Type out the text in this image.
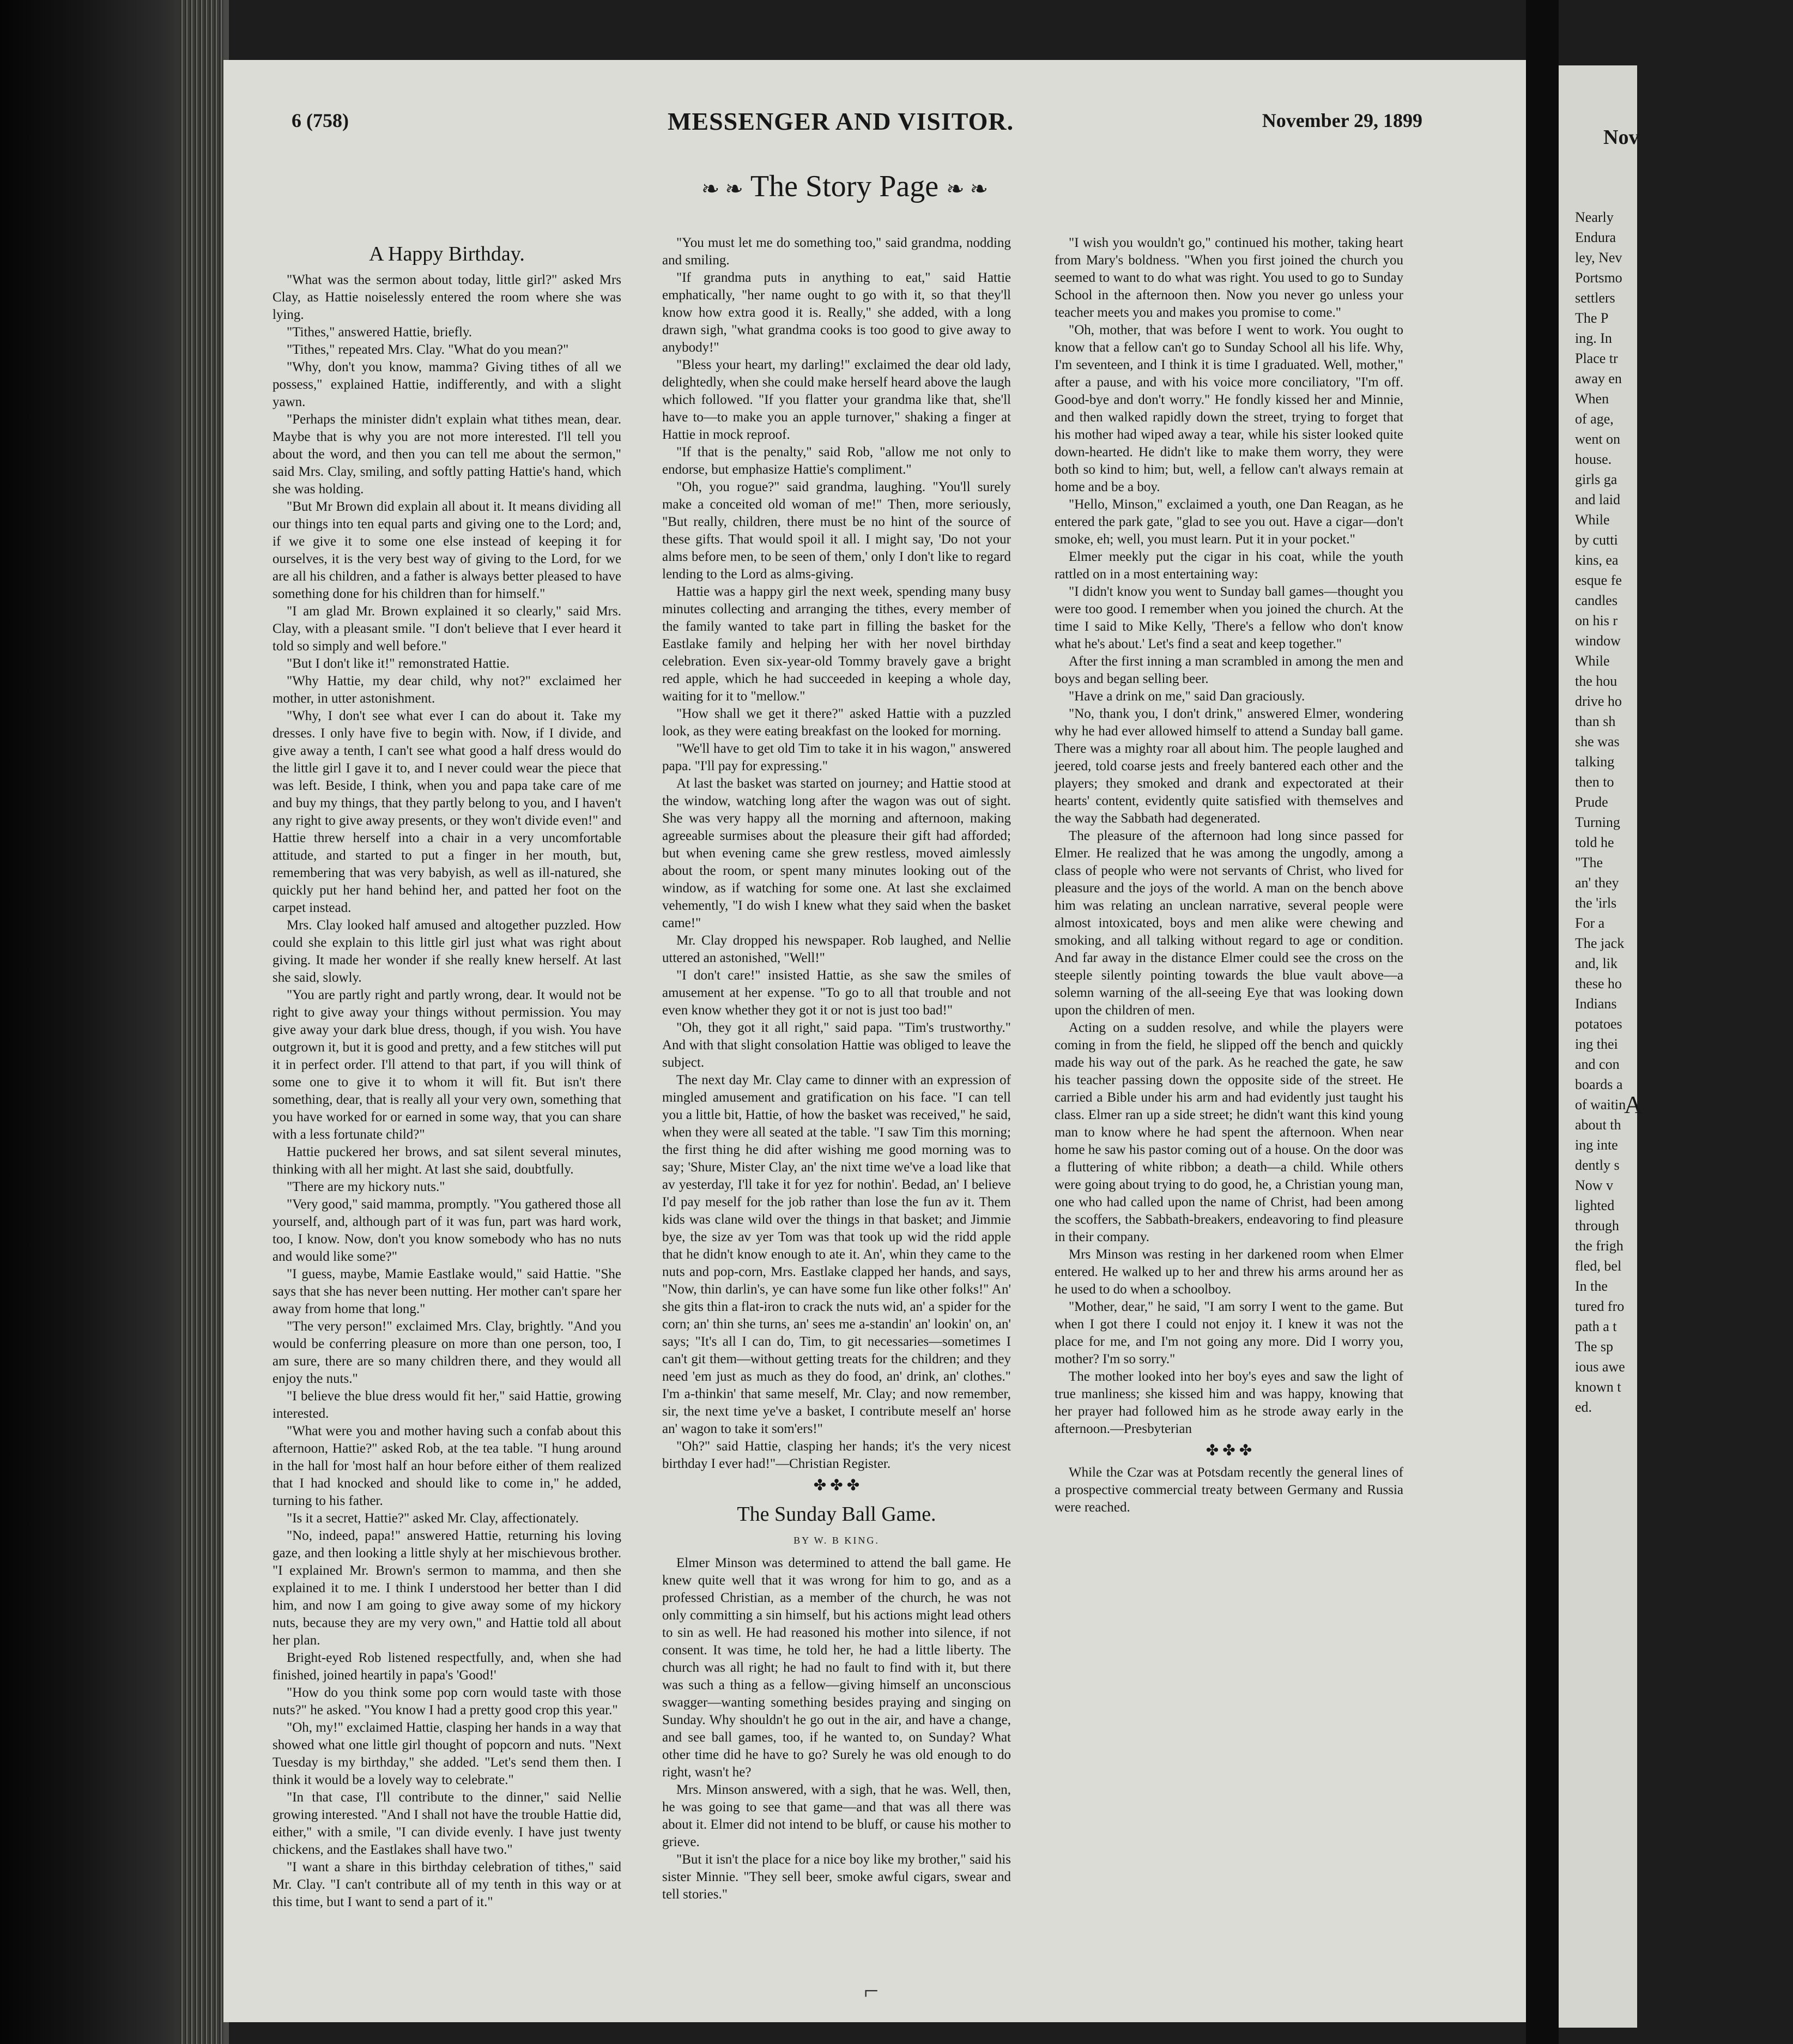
Nov
Nearly
Endura
ley, Nev
Portsmo
settlers
The P
ing. In
Place tr
away en
When
of age,
went on
house.
girls ga
and laid
While
by cutti
kins, ea
esque fe
candles
on his r
window
While
the hou
drive ho
than sh
she was
talking
then to
Prude
Turning
told he
"The
an' they
the 'irls
For a
The jack
and, lik
these ho
Indians
potatoes
ing thei
and con
boards a
of waitin
about th
ing inte
dently s
Now v
lighted
through
the frigh
fled, bel
In the
tured fro
path a t
The sp
ious awe
known t
ed.
A
6 (758)	MESSENGER AND VISITOR.	November 29, 1899
❧ ❧ The Story Page ❧ ❧
A Happy Birthday.

"What was the sermon about today, little girl?" asked Mrs Clay, as Hattie noiselessly entered the room where she was lying.

"Tithes," answered Hattie, briefly.

"Tithes," repeated Mrs. Clay. "What do you mean?"

"Why, don't you know, mamma? Giving tithes of all we possess," explained Hattie, indifferently, and with a slight yawn.

"Perhaps the minister didn't explain what tithes mean, dear. Maybe that is why you are not more interested. I'll tell you about the word, and then you can tell me about the sermon," said Mrs. Clay, smiling, and softly patting Hattie's hand, which she was holding.

"But Mr Brown did explain all about it. It means dividing all our things into ten equal parts and giving one to the Lord; and, if we give it to some one else instead of keeping it for ourselves, it is the very best way of giving to the Lord, for we are all his children, and a father is always better pleased to have something done for his children than for himself."

"I am glad Mr. Brown explained it so clearly," said Mrs. Clay, with a pleasant smile. "I don't believe that I ever heard it told so simply and well before."

"But I don't like it!" remonstrated Hattie.

"Why Hattie, my dear child, why not?" exclaimed her mother, in utter astonishment.

"Why, I don't see what ever I can do about it. Take my dresses. I only have five to begin with. Now, if I divide, and give away a tenth, I can't see what good a half dress would do the little girl I gave it to, and I never could wear the piece that was left. Beside, I think, when you and papa take care of me and buy my things, that they partly belong to you, and I haven't any right to give away presents, or they won't divide even!" and Hattie threw herself into a chair in a very uncomfortable attitude, and started to put a finger in her mouth, but, remembering that was very babyish, as well as ill-natured, she quickly put her hand behind her, and patted her foot on the carpet instead.

Mrs. Clay looked half amused and altogether puzzled. How could she explain to this little girl just what was right about giving. It made her wonder if she really knew herself. At last she said, slowly.

"You are partly right and partly wrong, dear. It would not be right to give away your things without permission. You may give away your dark blue dress, though, if you wish. You have outgrown it, but it is good and pretty, and a few stitches will put it in perfect order. I'll attend to that part, if you will think of some one to give it to whom it will fit. But isn't there something, dear, that is really all your very own, something that you have worked for or earned in some way, that you can share with a less fortunate child?"

Hattie puckered her brows, and sat silent several minutes, thinking with all her might. At last she said, doubtfully.

"There are my hickory nuts."

"Very good," said mamma, promptly. "You gathered those all yourself, and, although part of it was fun, part was hard work, too, I know. Now, don't you know somebody who has no nuts and would like some?"

"I guess, maybe, Mamie Eastlake would," said Hattie. "She says that she has never been nutting. Her mother can't spare her away from home that long."

"The very person!" exclaimed Mrs. Clay, brightly. "And you would be conferring pleasure on more than one person, too, I am sure, there are so many children there, and they would all enjoy the nuts."

"I believe the blue dress would fit her," said Hattie, growing interested.

"What were you and mother having such a confab about this afternoon, Hattie?" asked Rob, at the tea table. "I hung around in the hall for 'most half an hour before either of them realized that I had knocked and should like to come in," he added, turning to his father.

"Is it a secret, Hattie?" asked Mr. Clay, affectionately.

"No, indeed, papa!" answered Hattie, returning his loving gaze, and then looking a little shyly at her mischievous brother. "I explained Mr. Brown's sermon to mamma, and then she explained it to me. I think I understood her better than I did him, and now I am going to give away some of my hickory nuts, because they are my very own," and Hattie told all about her plan.

Bright-eyed Rob listened respectfully, and, when she had finished, joined heartily in papa's 'Good!'

"How do you think some pop corn would taste with those nuts?" he asked. "You know I had a pretty good crop this year."

"Oh, my!" exclaimed Hattie, clasping her hands in a way that showed what one little girl thought of popcorn and nuts. "Next Tuesday is my birthday," she added. "Let's send them then. I think it would be a lovely way to celebrate."

"In that case, I'll contribute to the dinner," said Nellie growing interested. "And I shall not have the trouble Hattie did, either," with a smile, "I can divide evenly. I have just twenty chickens, and the Eastlakes shall have two."

"I want a share in this birthday celebration of tithes," said Mr. Clay. "I can't contribute all of my tenth in this way or at this time, but I want to send a part of it."

"You must let me do something too," said grandma, nodding and smiling.

"If grandma puts in anything to eat," said Hattie emphatically, "her name ought to go with it, so that they'll know how extra good it is. Really," she added, with a long drawn sigh, "what grandma cooks is too good to give away to anybody!"

"Bless your heart, my darling!" exclaimed the dear old lady, delightedly, when she could make herself heard above the laugh which followed. "If you flatter your grandma like that, she'll have to—to make you an apple turnover," shaking a finger at Hattie in mock reproof.

"If that is the penalty," said Rob, "allow me not only to endorse, but emphasize Hattie's compliment."

"Oh, you rogue?" said grandma, laughing. "You'll surely make a conceited old woman of me!" Then, more seriously, "But really, children, there must be no hint of the source of these gifts. That would spoil it all. I might say, 'Do not your alms before men, to be seen of them,' only I don't like to regard lending to the Lord as alms-giving.

Hattie was a happy girl the next week, spending many busy minutes collecting and arranging the tithes, every member of the family wanted to take part in filling the basket for the Eastlake family and helping her with her novel birthday celebration. Even six-year-old Tommy bravely gave a bright red apple, which he had succeeded in keeping a whole day, waiting for it to "mellow."

"How shall we get it there?" asked Hattie with a puzzled look, as they were eating breakfast on the looked for morning.

"We'll have to get old Tim to take it in his wagon," answered papa. "I'll pay for expressing."

At last the basket was started on journey; and Hattie stood at the window, watching long after the wagon was out of sight. She was very happy all the morning and afternoon, making agreeable surmises about the pleasure their gift had afforded; but when evening came she grew restless, moved aimlessly about the room, or spent many minutes looking out of the window, as if watching for some one. At last she exclaimed vehemently, "I do wish I knew what they said when the basket came!"

Mr. Clay dropped his newspaper. Rob laughed, and Nellie uttered an astonished, "Well!"

"I don't care!" insisted Hattie, as she saw the smiles of amusement at her expense. "To go to all that trouble and not even know whether they got it or not is just too bad!"

"Oh, they got it all right," said papa. "Tim's trustworthy." And with that slight consolation Hattie was obliged to leave the subject.

The next day Mr. Clay came to dinner with an expression of mingled amusement and gratification on his face. "I can tell you a little bit, Hattie, of how the basket was received," he said, when they were all seated at the table. "I saw Tim this morning; the first thing he did after wishing me good morning was to say; 'Shure, Mister Clay, an' the nixt time we've a load like that av yesterday, I'll take it for yez for nothin'. Bedad, an' I believe I'd pay meself for the job rather than lose the fun av it. Them kids was clane wild over the things in that basket; and Jimmie bye, the size av yer Tom was that took up wid the ridd apple that he didn't know enough to ate it. An', whin they came to the nuts and pop-corn, Mrs. Eastlake clapped her hands, and says, "Now, thin darlin's, ye can have some fun like other folks!" An' she gits thin a flat-iron to crack the nuts wid, an' a spider for the corn; an' thin she turns, an' sees me a-standin' an' lookin' on, an' says; "It's all I can do, Tim, to git necessaries—sometimes I can't git them—without getting treats for the children; and they need 'em just as much as they do food, an' drink, an' clothes." I'm a-thinkin' that same meself, Mr. Clay; and now remember, sir, the next time ye've a basket, I contribute meself an' horse an' wagon to take it som'ers!"

"Oh?" said Hattie, clasping her hands; it's the very nicest birthday I ever had!"—Christian Register.

✤ ✤ ✤
The Sunday Ball Game.
BY W. B KING.

Elmer Minson was determined to attend the ball game. He knew quite well that it was wrong for him to go, and as a professed Christian, as a member of the church, he was not only committing a sin himself, but his actions might lead others to sin as well. He had reasoned his mother into silence, if not consent. It was time, he told her, he had a little liberty. The church was all right; he had no fault to find with it, but there was such a thing as a fellow—giving himself an unconscious swagger—wanting something besides praying and singing on Sunday. Why shouldn't he go out in the air, and have a change, and see ball games, too, if he wanted to, on Sunday? What other time did he have to go? Surely he was old enough to do right, wasn't he?

Mrs. Minson answered, with a sigh, that he was. Well, then, he was going to see that game—and that was all there was about it. Elmer did not intend to be bluff, or cause his mother to grieve.

"But it isn't the place for a nice boy like my brother," said his sister Minnie. "They sell beer, smoke awful cigars, swear and tell stories."

"I wish you wouldn't go," continued his mother, taking heart from Mary's boldness. "When you first joined the church you seemed to want to do what was right. You used to go to Sunday School in the afternoon then. Now you never go unless your teacher meets you and makes you promise to come."

"Oh, mother, that was before I went to work. You ought to know that a fellow can't go to Sunday School all his life. Why, I'm seventeen, and I think it is time I graduated. Well, mother," after a pause, and with his voice more conciliatory, "I'm off. Good-bye and don't worry." He fondly kissed her and Minnie, and then walked rapidly down the street, trying to forget that his mother had wiped away a tear, while his sister looked quite down-hearted. He didn't like to make them worry, they were both so kind to him; but, well, a fellow can't always remain at home and be a boy.

"Hello, Minson," exclaimed a youth, one Dan Reagan, as he entered the park gate, "glad to see you out. Have a cigar—don't smoke, eh; well, you must learn. Put it in your pocket."

Elmer meekly put the cigar in his coat, while the youth rattled on in a most entertaining way:

"I didn't know you went to Sunday ball games—thought you were too good. I remember when you joined the church. At the time I said to Mike Kelly, 'There's a fellow who don't know what he's about.' Let's find a seat and keep together."

After the first inning a man scrambled in among the men and boys and began selling beer.

"Have a drink on me," said Dan graciously.

"No, thank you, I don't drink," answered Elmer, wondering why he had ever allowed himself to attend a Sunday ball game. There was a mighty roar all about him. The people laughed and jeered, told coarse jests and freely bantered each other and the players; they smoked and drank and expectorated at their hearts' content, evidently quite satisfied with themselves and the way the Sabbath had degenerated.

The pleasure of the afternoon had long since passed for Elmer. He realized that he was among the ungodly, among a class of people who were not servants of Christ, who lived for pleasure and the joys of the world. A man on the bench above him was relating an unclean narrative, several people were almost intoxicated, boys and men alike were chewing and smoking, and all talking without regard to age or condition. And far away in the distance Elmer could see the cross on the steeple silently pointing towards the blue vault above—a solemn warning of the all-seeing Eye that was looking down upon the children of men.

Acting on a sudden resolve, and while the players were coming in from the field, he slipped off the bench and quickly made his way out of the park. As he reached the gate, he saw his teacher passing down the opposite side of the street. He carried a Bible under his arm and had evidently just taught his class. Elmer ran up a side street; he didn't want this kind young man to know where he had spent the afternoon. When near home he saw his pastor coming out of a house. On the door was a fluttering of white ribbon; a death—a child. While others were going about trying to do good, he, a Christian young man, one who had called upon the name of Christ, had been among the scoffers, the Sabbath-breakers, endeavoring to find pleasure in their company.

Mrs Minson was resting in her darkened room when Elmer entered. He walked up to her and threw his arms around her as he used to do when a schoolboy.

"Mother, dear," he said, "I am sorry I went to the game. But when I got there I could not enjoy it. I knew it was not the place for me, and I'm not going any more. Did I worry you, mother? I'm so sorry."

The mother looked into her boy's eyes and saw the light of true manliness; she kissed him and was happy, knowing that her prayer had followed him as he strode away early in the afternoon.—Presbyterian

✤ ✤ ✤

While the Czar was at Potsdam recently the general lines of a prospective commercial treaty between Germany and Russia were reached.

⌐
